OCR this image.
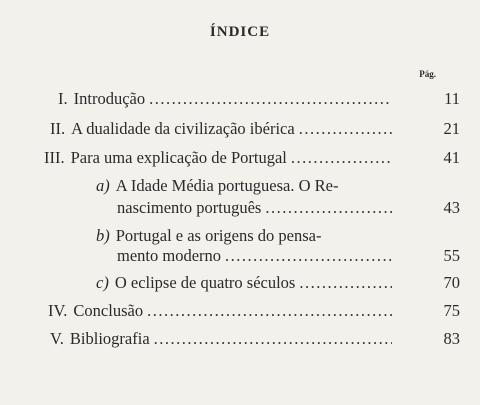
ÍNDICE
Pág.
I. Introdução .....	11
II. A dualidade da civilização ibérica .....	21
III. Para uma explicação de Portugal .....	41
a) A Idade Média portuguesa. O Re-
nascimento português .....	43
b) Portugal e as origens do pensa-
mento moderno .....	55
c) O eclipse de quatro séculos .....	70
IV. Conclusão .....	75
V. Bibliografia .....	83
